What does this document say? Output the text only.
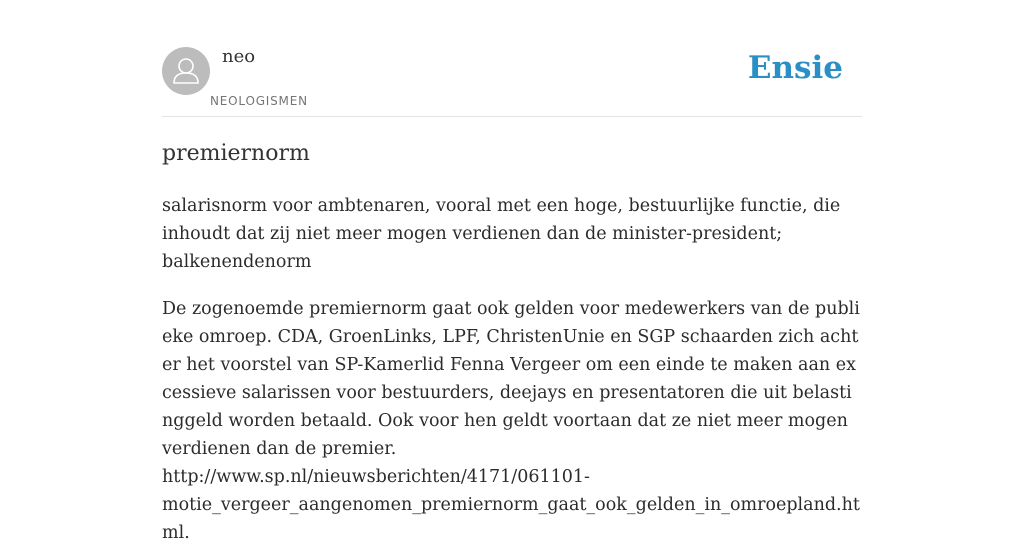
neo
NEOLOGISMEN
Ensie
premiernorm
salarisnorm voor ambtenaren, vooral met een hoge, bestuurlijke functie, die inhoudt dat zij niet meer mogen verdienen dan de minister-president; balkenendenorm
De zogenoemde premiernorm gaat ook gelden voor medewerkers van de publieke omroep. CDA, GroenLinks, LPF, ChristenUnie en SGP schaarden zich achter het voorstel van SP-Kamerlid Fenna Vergeer om een einde te maken aan excessieve salarissen voor bestuurders, deejays en presentatoren die uit belastinggeld worden betaald. Ook voor hen geldt voortaan dat ze niet meer mogen verdienen dan de premier.
http://www.sp.nl/nieuwsberichten/4171/061101-
motie_vergeer_aangenomen_premiernorm_gaat_ook_gelden_in_omroepland.html.
